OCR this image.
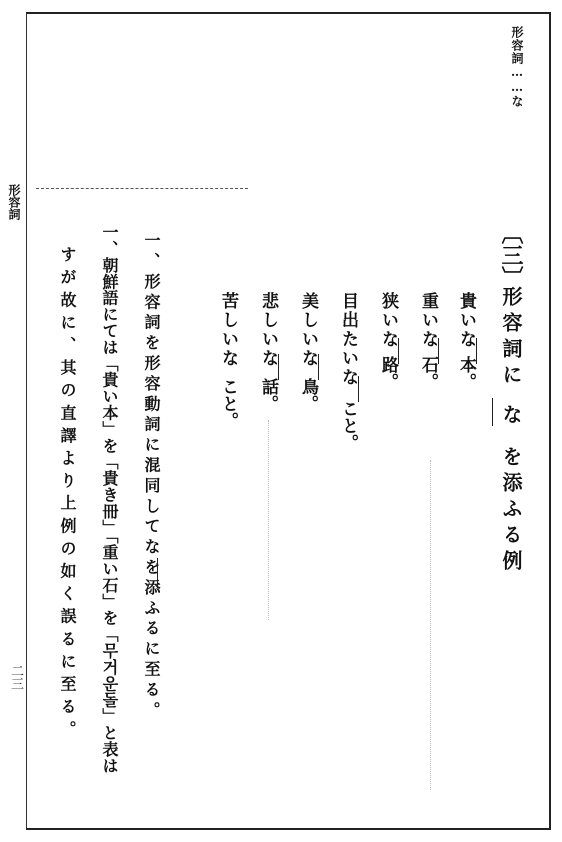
形容詞……な
形容詞
二三
〔三〕
形容詞に
な
を添ふる例
貴いな
本。
重いな
石。
狭いな
路。
目出たいな
こと。
美しいな
鳥。
悲しいな
話。
苦しいな
こと。
一、形容詞を形容動詞に混同してなを添ふるに至る。
一、朝鮮語にては「貴い本」を「貴き冊」「重い石」を「무거운돌」と表は
すが故に、其の直譯より上例の如く誤るに至る。
